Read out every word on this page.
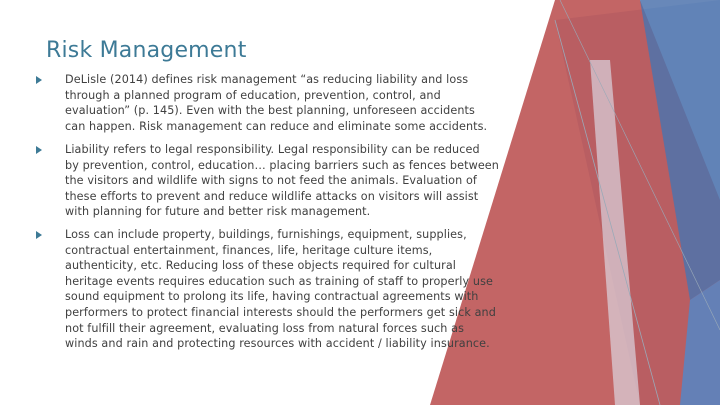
Risk Management
DeLisle (2014) defines risk management “as reducing liability and loss
through a planned program of education, prevention, control, and
evaluation” (p. 145). Even with the best planning, unforeseen accidents
can happen. Risk management can reduce and eliminate some accidents.
Liability refers to legal responsibility. Legal responsibility can be reduced
by prevention, control, education… placing barriers such as fences between
the visitors and wildlife with signs to not feed the animals. Evaluation of
these efforts to prevent and reduce wildlife attacks on visitors will assist
with planning for future and better risk management.
Loss can include property, buildings, furnishings, equipment, supplies,
contractual entertainment, finances, life, heritage culture items,
authenticity, etc. Reducing loss of these objects required for cultural
heritage events requires education such as training of staff to properly use
sound equipment to prolong its life, having contractual agreements with
performers to protect financial interests should the performers get sick and
not fulfill their agreement, evaluating loss from natural forces such as
winds and rain and protecting resources with accident / liability insurance.
